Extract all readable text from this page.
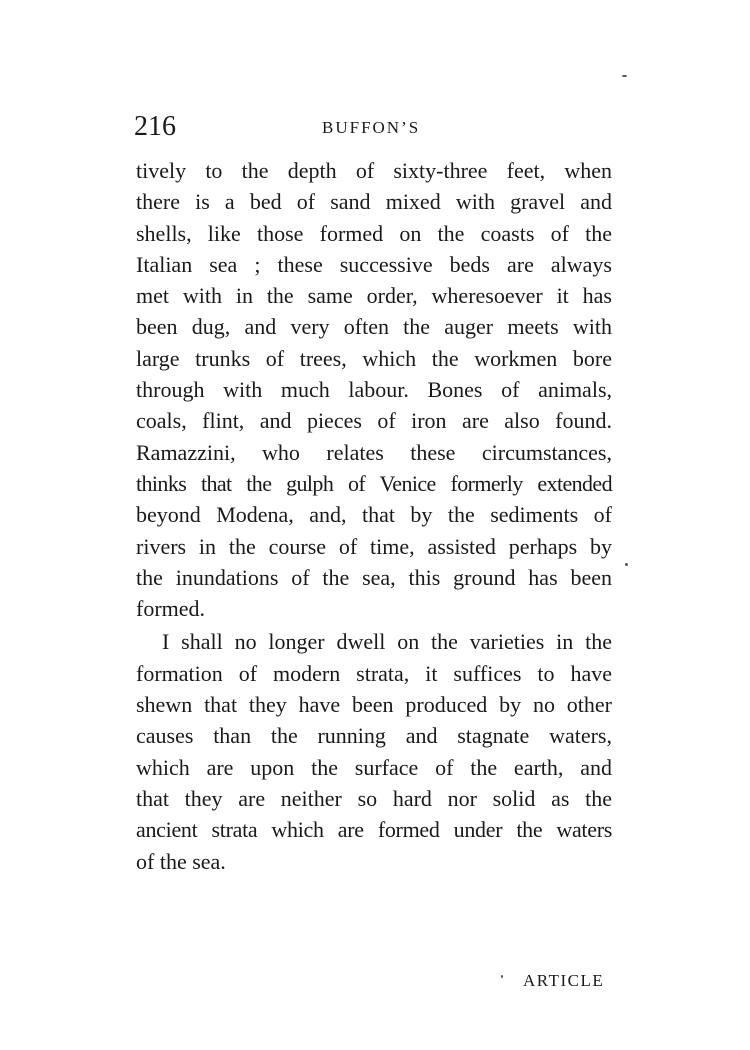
216	BUFFON’S
tively to the depth of sixty-three feet, when
there is a bed of sand mixed with gravel and
shells, like those formed on the coasts of the
Italian sea ; these successive beds are always
met with in the same order, wheresoever it has
been dug, and very often the auger meets with
large trunks of trees, which the workmen bore
through with much labour. Bones of animals,
coals, flint, and pieces of iron are also found.
Ramazzini, who relates these circumstances,
thinks that the gulph of Venice formerly extended
beyond Modena, and, that by the sediments of
rivers in the course of time, assisted perhaps by
the inundations of the sea, this ground has been
formed.
I shall no longer dwell on the varieties in the
formation of modern strata, it suffices to have
shewn that they have been produced by no other
causes than the running and stagnate waters,
which are upon the surface of the earth, and
that they are neither so hard nor solid as the
ancient strata which are formed under the waters
of the sea.
ARTICLE
